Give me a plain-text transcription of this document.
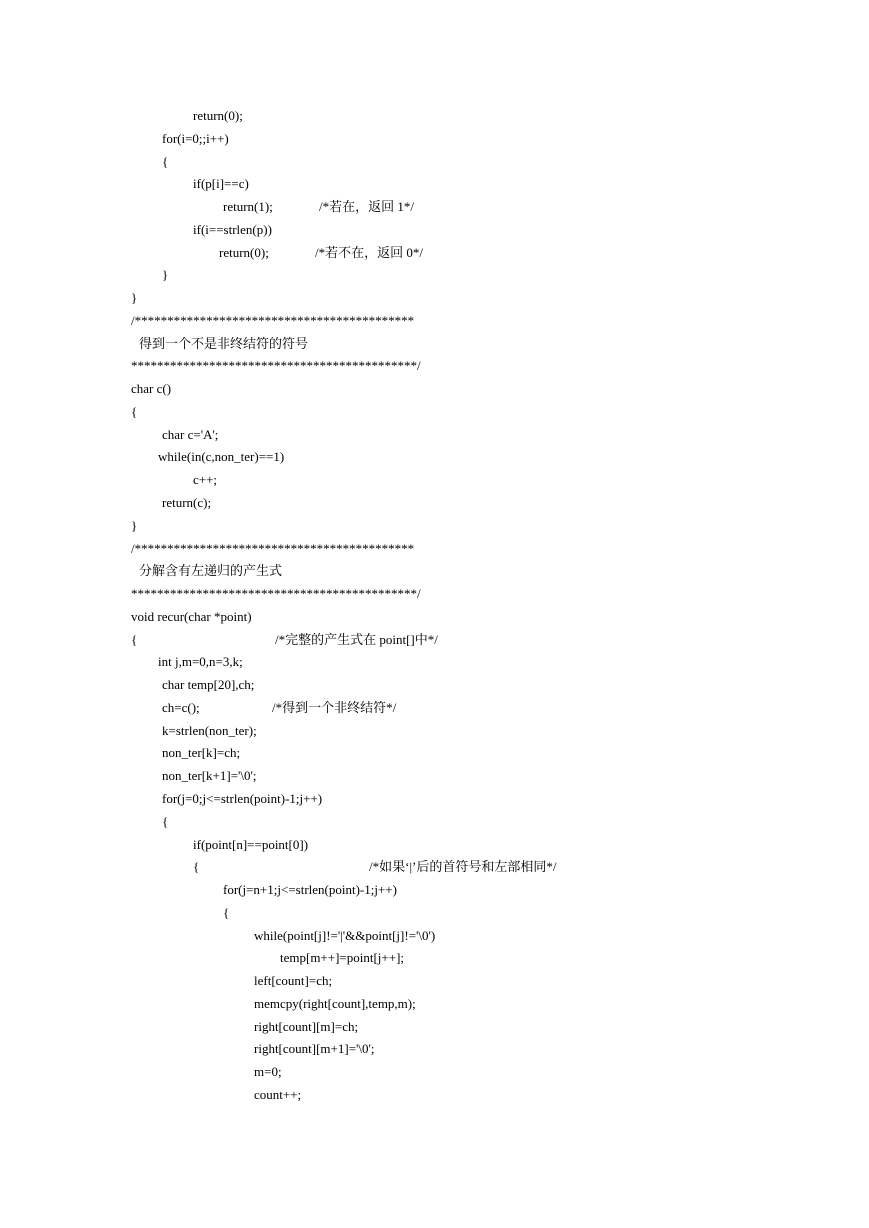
return(0);
for(i=0;;i++)
{
if(p[i]==c)
return(1);	/*若在，返回 1*/
if(i==strlen(p))
return(0);	/*若不在，返回 0*/
}
}
/*******************************************
得到一个不是非终结符的符号
********************************************/
char c()
{
char c='A';
while(in(c,non_ter)==1)
c++;
return(c);
}
/*******************************************
分解含有左递归的产生式
********************************************/
void recur(char *point)
{	/*完整的产生式在 point[]中*/
int j,m=0,n=3,k;
char temp[20],ch;
ch=c();	/*得到一个非终结符*/
k=strlen(non_ter);
non_ter[k]=ch;
non_ter[k+1]='\0';
for(j=0;j<=strlen(point)-1;j++)
{
if(point[n]==point[0])
{	/*如果‘|’后的首符号和左部相同*/
for(j=n+1;j<=strlen(point)-1;j++)
{
while(point[j]!='|'&&point[j]!='\0')
temp[m++]=point[j++];
left[count]=ch;
memcpy(right[count],temp,m);
right[count][m]=ch;
right[count][m+1]='\0';
m=0;
count++;
